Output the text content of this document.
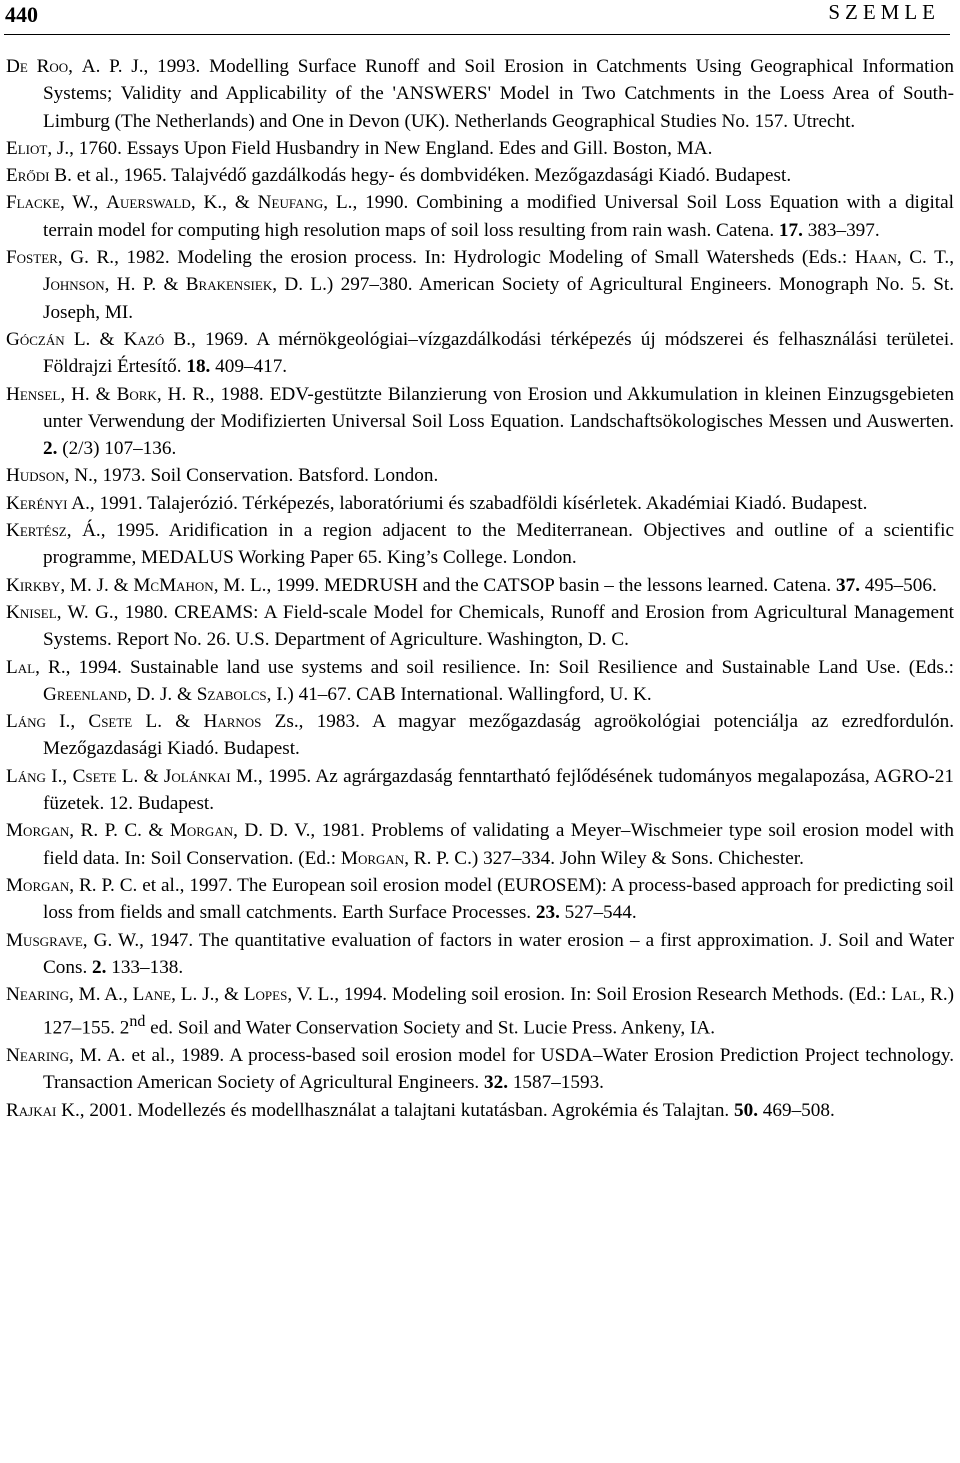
440	SZEMLE

De Roo, A. P. J., 1993. Modelling Surface Runoff and Soil Erosion in Catchments Using Geographical Information Systems; Validity and Applicability of the 'ANSWERS' Model in Two Catchments in the Loess Area of South-Limburg (The Netherlands) and One in Devon (UK). Netherlands Geographical Studies No. 157. Utrecht.

Eliot, J., 1760. Essays Upon Field Husbandry in New England. Edes and Gill. Boston, MA.

Erődi B. et al., 1965. Talajvédő gazdálkodás hegy- és dombvidéken. Mezőgazdasági Kiadó. Budapest.

Flacke, W., Auerswald, K., & Neufang, L., 1990. Combining a modified Universal Soil Loss Equation with a digital terrain model for computing high resolution maps of soil loss resulting from rain wash. Catena. 17. 383–397.

Foster, G. R., 1982. Modeling the erosion process. In: Hydrologic Modeling of Small Watersheds (Eds.: Haan, C. T., Johnson, H. P. & Brakensiek, D. L.) 297–380. American Society of Agricultural Engineers. Monograph No. 5. St. Joseph, MI.

Góczán L. & Kazó B., 1969. A mérnökgeológiai–vízgazdálkodási térképezés új módszerei és felhasználási területei. Földrajzi Értesítő. 18. 409–417.

Hensel, H. & Bork, H. R., 1988. EDV-gestützte Bilanzierung von Erosion und Akkumulation in kleinen Einzugsgebieten unter Verwendung der Modifizierten Universal Soil Loss Equation. Landschaftsökologisches Messen und Auswerten. 2. (2/3) 107–136.

Hudson, N., 1973. Soil Conservation. Batsford. London.

Kerényi A., 1991. Talajerózió. Térképezés, laboratóriumi és szabadföldi kísérletek. Akadémiai Kiadó. Budapest.

Kertész, Á., 1995. Aridification in a region adjacent to the Mediterranean. Objectives and outline of a scientific programme, MEDALUS Working Paper 65. King’s College. London.

Kirkby, M. J. & McMahon, M. L., 1999. MEDRUSH and the CATSOP basin – the lessons learned. Catena. 37. 495–506.

Knisel, W. G., 1980. CREAMS: A Field-scale Model for Chemicals, Runoff and Erosion from Agricultural Management Systems. Report No. 26. U.S. Department of Agriculture. Washington, D. C.

Lal, R., 1994. Sustainable land use systems and soil resilience. In: Soil Resilience and Sustainable Land Use. (Eds.: Greenland, D. J. & Szabolcs, I.) 41–67. CAB International. Wallingford, U. K.

Láng I., Csete L. & Harnos Zs., 1983. A magyar mezőgazdaság agroökológiai potenciálja az ezredfordulón. Mezőgazdasági Kiadó. Budapest.

Láng I., Csete L. & Jolánkai M., 1995. Az agrárgazdaság fenntartható fejlődésének tudományos megalapozása, AGRO-21 füzetek. 12. Budapest.

Morgan, R. P. C. & Morgan, D. D. V., 1981. Problems of validating a Meyer–Wischmeier type soil erosion model with field data. In: Soil Conservation. (Ed.: Morgan, R. P. C.) 327–334. John Wiley & Sons. Chichester.

Morgan, R. P. C. et al., 1997. The European soil erosion model (EUROSEM): A process-based approach for predicting soil loss from fields and small catchments. Earth Surface Processes. 23. 527–544.

Musgrave, G. W., 1947. The quantitative evaluation of factors in water erosion – a first approximation. J. Soil and Water Cons. 2. 133–138.

Nearing, M. A., Lane, L. J., & Lopes, V. L., 1994. Modeling soil erosion. In: Soil Erosion Research Methods. (Ed.: Lal, R.) 127–155. 2nd ed. Soil and Water Conservation Society and St. Lucie Press. Ankeny, IA.

Nearing, M. A. et al., 1989. A process-based soil erosion model for USDA–Water Erosion Prediction Project technology. Transaction American Society of Agricultural Engineers. 32. 1587–1593.

Rajkai K., 2001. Modellezés és modellhasználat a talajtani kutatásban. Agrokémia és Talajtan. 50. 469–508.
